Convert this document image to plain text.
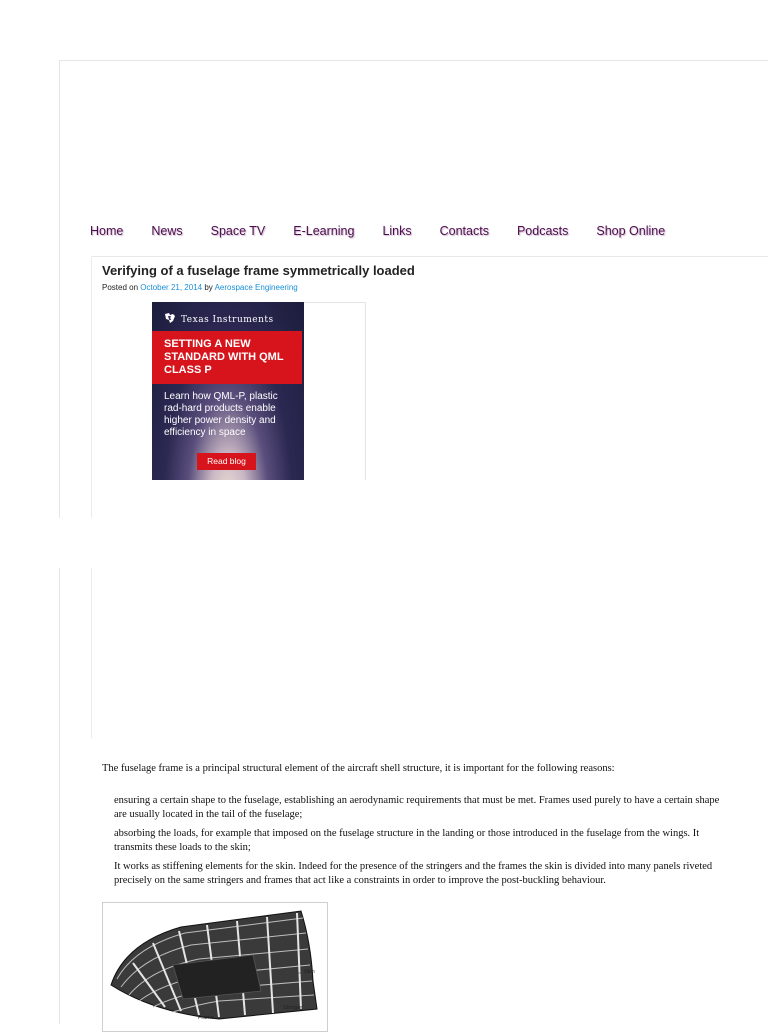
Home News Space TV E-Learning Links Contacts Podcasts Shop Online
Verifying of a fuselage frame symmetrically loaded
Posted on October 21, 2014 by Aerospace Engineering
Texas Instruments
SETTING A NEW STANDARD WITH QML CLASS P
Learn how QML-P, plastic rad-hard products enable higher power density and efficiency in space
Read blog

The fuselage frame is a principal structural element of the aircraft shell structure, it is important for the following reasons:

ensuring a certain shape to the fuselage, establishing an aerodynamic requirements that must be met. Frames used purely to have a certain shape are usually located in the tail of the fuselage;
absorbing the loads, for example that imposed on the fuselage structure in the landing or those introduced in the fuselage from the wings. It transmits these loads to the skin;
It works as stiffening elements for the skin. Indeed for the presence of the stringers and the frames the skin is divided into many panels riveted precisely on the same stringers and frames that act like a constraints in order to improve the post-buckling behaviour.
Skin
Stringer
Frame
